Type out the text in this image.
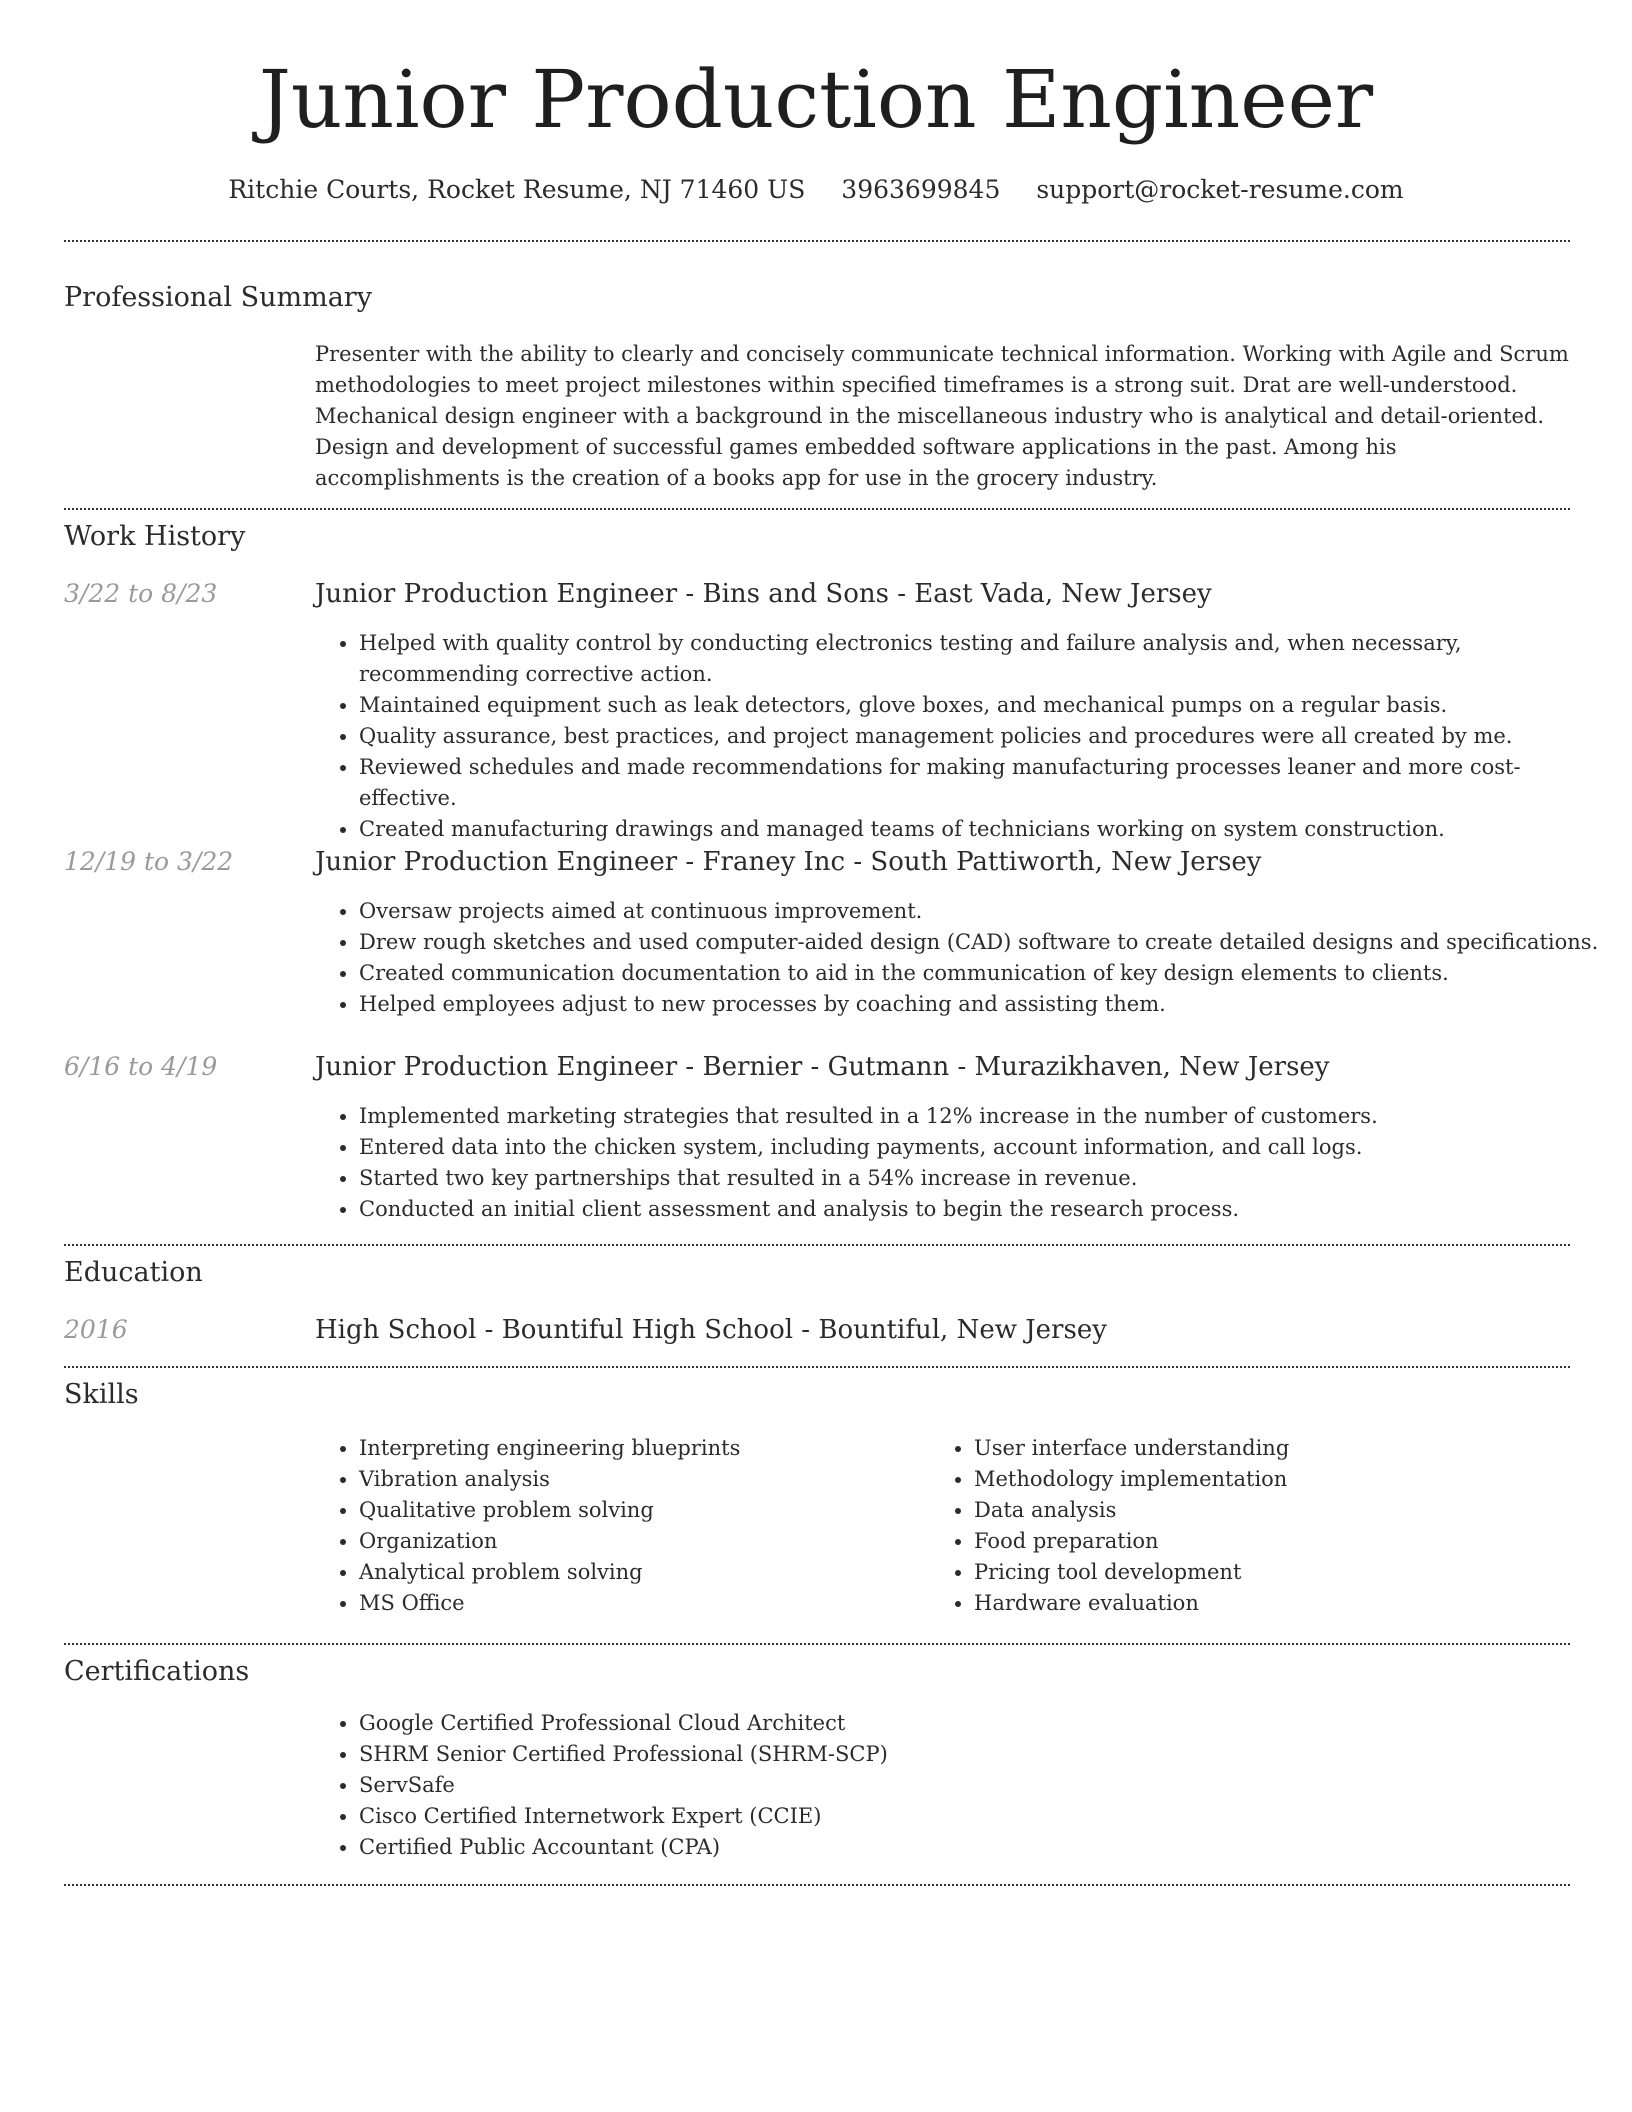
Junior Production Engineer
Ritchie Courts, Rocket Resume, NJ 71460 US 3963699845 support@rocket-resume.com
Professional Summary
Presenter with the ability to clearly and concisely communicate technical information. Working with Agile and Scrum methodologies to meet project milestones within specified timeframes is a strong suit. Drat are well-understood. Mechanical design engineer with a background in the miscellaneous industry who is analytical and detail-oriented. Design and development of successful games embedded software applications in the past. Among his accomplishments is the creation of a books app for use in the grocery industry.
Work History
3/22 to 8/23	Junior Production Engineer - Bins and Sons - East Vada, New Jersey
• Helped with quality control by conducting electronics testing and failure analysis and, when necessary, recommending corrective action.
• Maintained equipment such as leak detectors, glove boxes, and mechanical pumps on a regular basis.
• Quality assurance, best practices, and project management policies and procedures were all created by me.
• Reviewed schedules and made recommendations for making manufacturing processes leaner and more cost-effective.
• Created manufacturing drawings and managed teams of technicians working on system construction.
12/19 to 3/22	Junior Production Engineer - Franey Inc - South Pattiworth, New Jersey
• Oversaw projects aimed at continuous improvement.
• Drew rough sketches and used computer-aided design (CAD) software to create detailed designs and specifications.
• Created communication documentation to aid in the communication of key design elements to clients.
• Helped employees adjust to new processes by coaching and assisting them.
6/16 to 4/19	Junior Production Engineer - Bernier - Gutmann - Murazikhaven, New Jersey
• Implemented marketing strategies that resulted in a 12% increase in the number of customers.
• Entered data into the chicken system, including payments, account information, and call logs.
• Started two key partnerships that resulted in a 54% increase in revenue.
• Conducted an initial client assessment and analysis to begin the research process.
Education
2016	High School - Bountiful High School - Bountiful, New Jersey
Skills
• Interpreting engineering blueprints
• Vibration analysis
• Qualitative problem solving
• Organization
• Analytical problem solving
• MS Office
• User interface understanding
• Methodology implementation
• Data analysis
• Food preparation
• Pricing tool development
• Hardware evaluation
Certifications
• Google Certified Professional Cloud Architect
• SHRM Senior Certified Professional (SHRM-SCP)
• ServSafe
• Cisco Certified Internetwork Expert (CCIE)
• Certified Public Accountant (CPA)
